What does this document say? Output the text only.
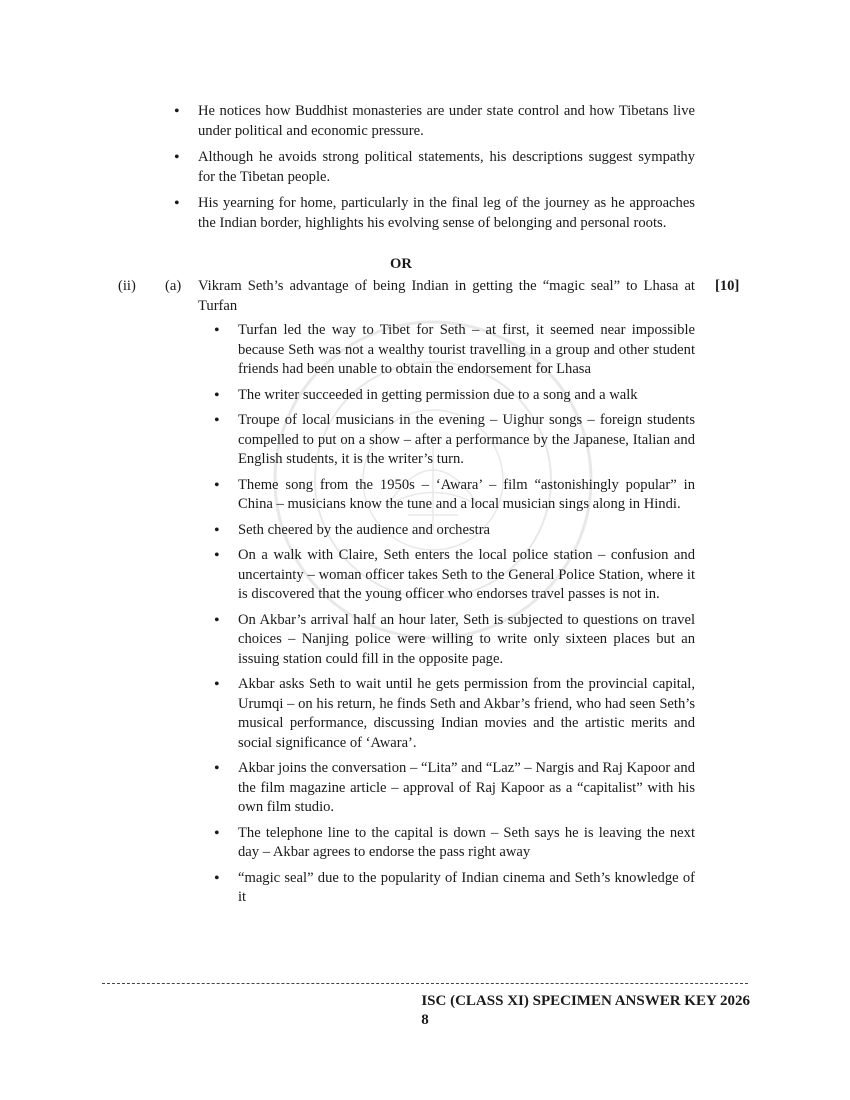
• He notices how Buddhist monasteries are under state control and how Tibetans live under political and economic pressure.
• Although he avoids strong political statements, his descriptions suggest sympathy for the Tibetan people.
• His yearning for home, particularly in the final leg of the journey as he approaches the Indian border, highlights his evolving sense of belonging and personal roots.
OR
(ii) (a) Vikram Seth’s advantage of being Indian in getting the “magic seal” to Lhasa at Turfan
[10]
• Turfan led the way to Tibet for Seth – at first, it seemed near impossible because Seth was not a wealthy tourist travelling in a group and other student friends had been unable to obtain the endorsement for Lhasa
• The writer succeeded in getting permission due to a song and a walk
• Troupe of local musicians in the evening – Uighur songs – foreign students compelled to put on a show – after a performance by the Japanese, Italian and English students, it is the writer’s turn.
• Theme song from the 1950s – ‘Awara’ – film “astonishingly popular” in China – musicians know the tune and a local musician sings along in Hindi.
• Seth cheered by the audience and orchestra
• On a walk with Claire, Seth enters the local police station – confusion and uncertainty – woman officer takes Seth to the General Police Station, where it is discovered that the young officer who endorses travel passes is not in.
• On Akbar’s arrival half an hour later, Seth is subjected to questions on travel choices – Nanjing police were willing to write only sixteen places but an issuing station could fill in the opposite page.
• Akbar asks Seth to wait until he gets permission from the provincial capital, Urumqi – on his return, he finds Seth and Akbar’s friend, who had seen Seth’s musical performance, discussing Indian movies and the artistic merits and social significance of ‘Awara’.
• Akbar joins the conversation – “Lita” and “Laz” – Nargis and Raj Kapoor and the film magazine article – approval of Raj Kapoor as a “capitalist” with his own film studio.
• The telephone line to the capital is down – Seth says he is leaving the next day – Akbar agrees to endorse the pass right away
• “magic seal” due to the popularity of Indian cinema and Seth’s knowledge of it
ISC (CLASS XI) SPECIMEN ANSWER KEY 2026
8
